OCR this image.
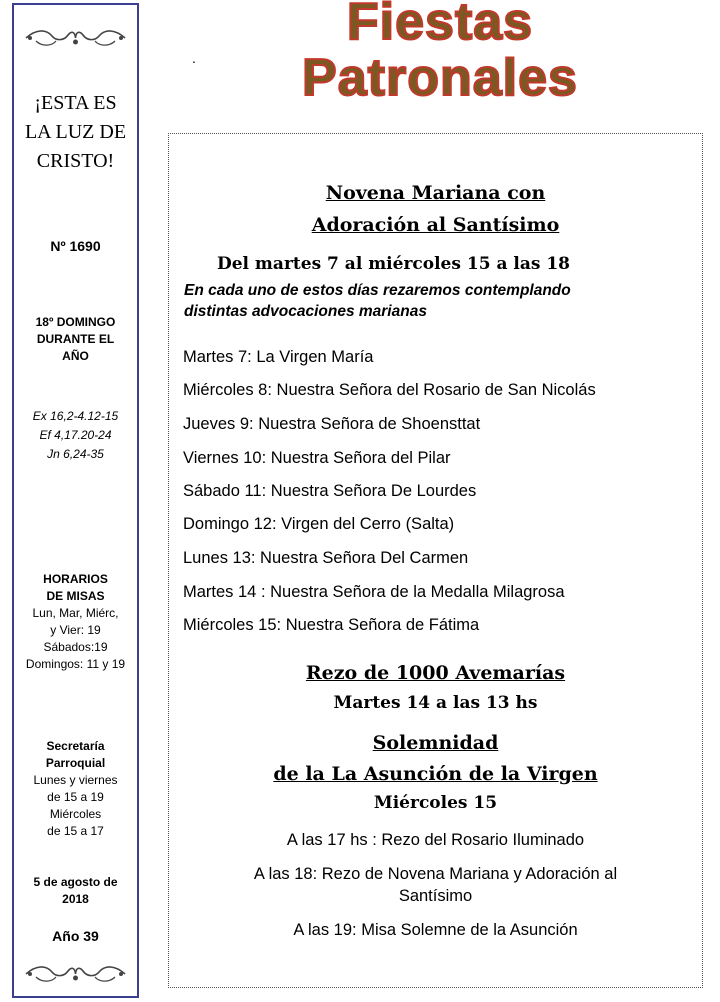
¡ESTA ES
LA LUZ DE
CRISTO!
Nº 1690
18º DOMINGO
DURANTE EL
AÑO
Ex 16,2-4.12-15
Ef 4,17.20-24
Jn 6,24-35
HORARIOS
DE MISAS
Lun, Mar, Miérc,
y Vier: 19
Sábados:19
Domingos: 11 y 19
Secretaría
Parroquial
Lunes y viernes
de 15 a 19
Miércoles
de 15 a 17
5 de agosto de
2018
Año 39
Fiestas
Patronales
.
Novena Mariana con
Adoración al Santísimo
Del martes 7 al miércoles 15 a las 18
En cada uno de estos días rezaremos contemplando
distintas advocaciones marianas
Martes 7: La Virgen María
Miércoles 8: Nuestra Señora del Rosario de San Nicolás
Jueves 9: Nuestra Señora de Shoensttat
Viernes 10: Nuestra Señora del Pilar
Sábado 11: Nuestra Señora De Lourdes
Domingo 12: Virgen del Cerro (Salta)
Lunes 13: Nuestra Señora Del Carmen
Martes 14 : Nuestra Señora de la Medalla Milagrosa
Miércoles 15: Nuestra Señora de Fátima
Rezo de 1000 Avemarías
Martes 14 a las 13 hs
Solemnidad
de la La Asunción de la Virgen
Miércoles 15
A las 17 hs : Rezo del Rosario Iluminado
A las 18: Rezo de Novena Mariana y Adoración al
Santísimo
A las 19: Misa Solemne de la Asunción
